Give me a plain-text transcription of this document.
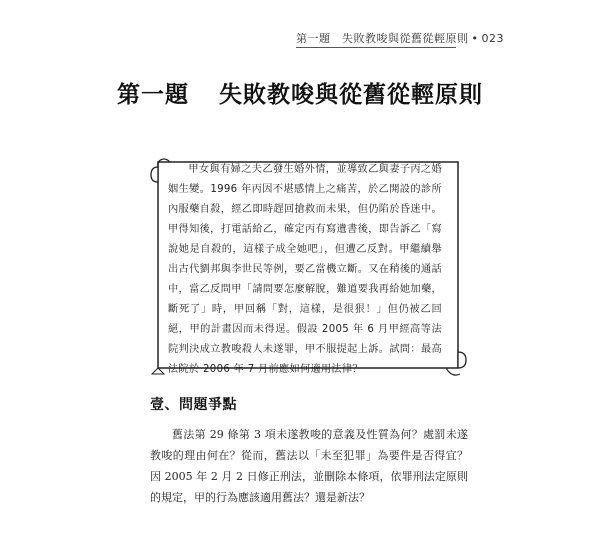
第一題　失敗教唆與從舊從輕原則 • 023
第一題 失敗教唆與從舊從輕原則

甲女與有婦之夫乙發生婚外情，並導致乙與妻子丙之婚姻生變。1996 年丙因不堪感情上之痛苦，於乙開設的診所內服藥自殺，經乙即時趕回搶救而未果，但仍陷於昏迷中。甲得知後，打電話給乙，確定丙有寫遺書後，即告訴乙「寫說她是自殺的，這樣子成全她吧」，但遭乙反對。甲繼續舉出古代劉邦與李世民等例，要乙當機立斷。又在稍後的通話中，當乙反問甲「請問要怎麼解脫，難道要我再給她加藥，斷死了」時，甲回稱「對，這樣，是很狠！」但仍被乙回絕，甲的計畫因而未得逞。假設 2005 年 6 月甲經高等法院判決成立教唆殺人未遂罪，甲不服提起上訴。試問：最高法院於 2006 年 7 月前應如何適用法律？

壹、問題爭點

舊法第 29 條第 3 項未遂教唆的意義及性質為何？處罰未遂教唆的理由何在？從而，舊法以「未至犯罪」為要件是否得宜？因 2005 年 2 月 2 日修正刑法，並刪除本條項，依罪刑法定原則的規定，甲的行為應該適用舊法？還是新法？
